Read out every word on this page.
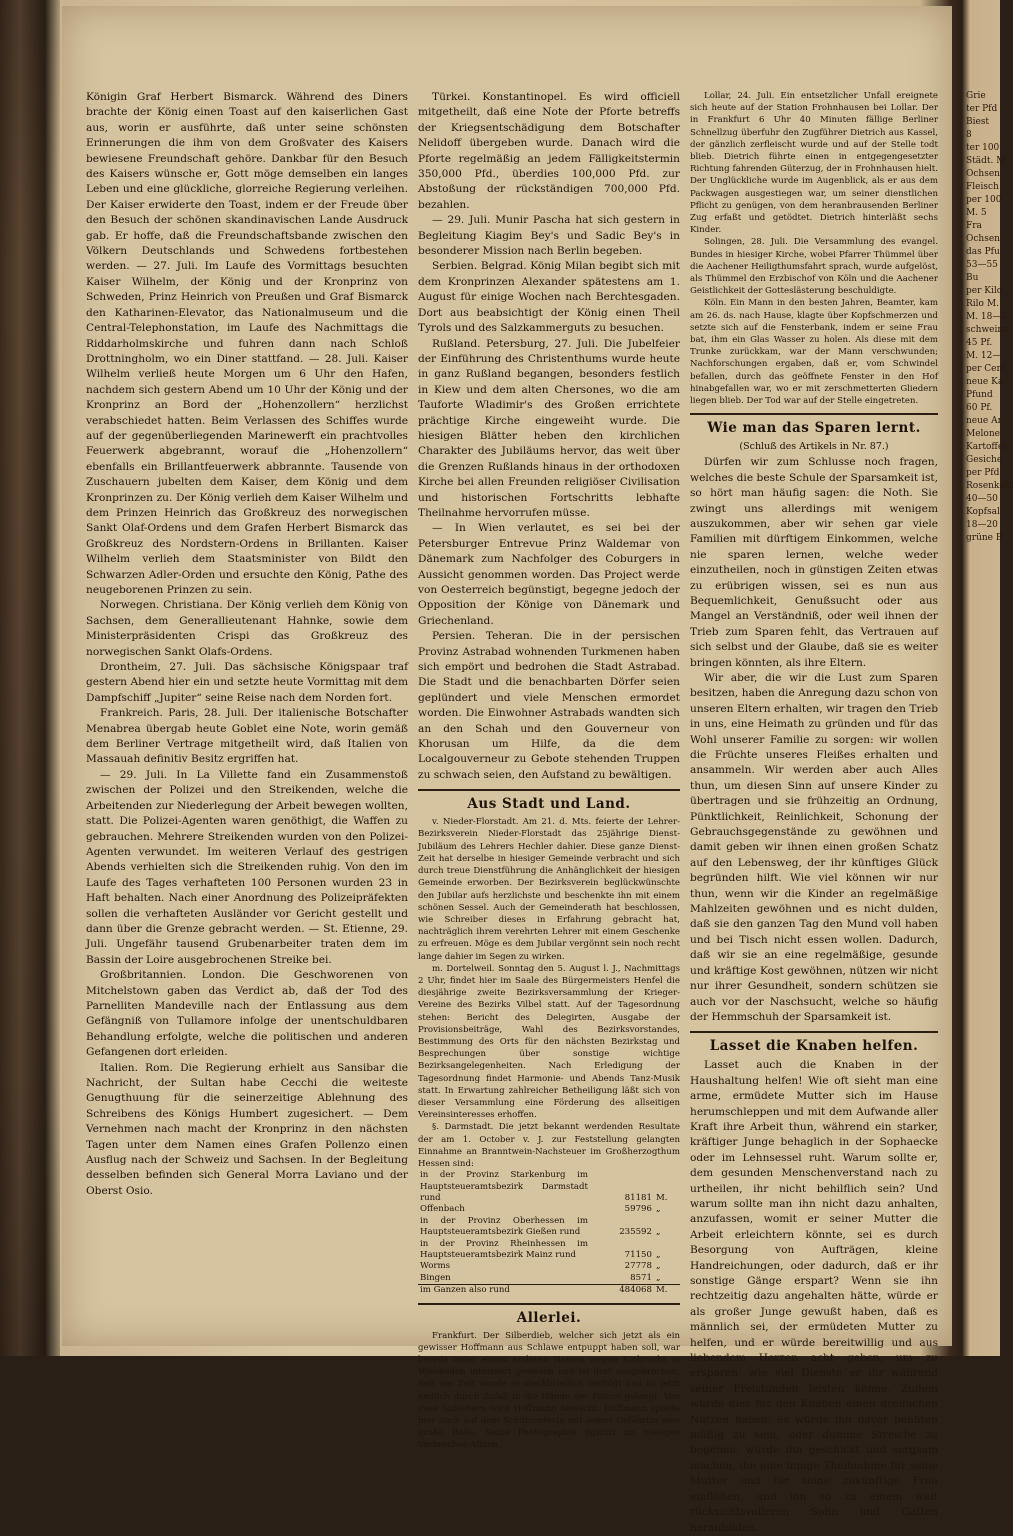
Königin Graf Herbert Bismarck. Während des Diners brachte der König einen Toast auf den kaiserlichen Gast aus, worin er ausführte, daß unter seine schönsten Erinnerungen die ihm von dem Großvater des Kaisers bewiesene Freundschaft gehöre. Dankbar für den Besuch des Kaisers wünsche er, Gott möge demselben ein langes Leben und eine glückliche, glorreiche Regierung verleihen. Der Kaiser erwiderte den Toast, indem er der Freude über den Besuch der schönen skandinavischen Lande Ausdruck gab. Er hoffe, daß die Freundschaftsbande zwischen den Völkern Deutschlands und Schwedens fortbestehen werden. — 27. Juli. Im Laufe des Vormittags besuchten Kaiser Wilhelm, der König und der Kronprinz von Schweden, Prinz Heinrich von Preußen und Graf Bismarck den Katharinen-Elevator, das Nationalmuseum und die Central-Telephonstation, im Laufe des Nachmittags die Riddarholmskirche und fuhren dann nach Schloß Drottningholm, wo ein Diner stattfand. — 28. Juli. Kaiser Wilhelm verließ heute Morgen um 6 Uhr den Hafen, nachdem sich gestern Abend um 10 Uhr der König und der Kronprinz an Bord der „Hohenzollern“ herzlichst verabschiedet hatten. Beim Verlassen des Schiffes wurde auf der gegenüberliegenden Marinewerft ein prachtvolles Feuerwerk abgebrannt, worauf die „Hohenzollern“ ebenfalls ein Brillantfeuerwerk abbrannte. Tausende von Zuschauern jubelten dem Kaiser, dem König und dem Kronprinzen zu. Der König verlieh dem Kaiser Wilhelm und dem Prinzen Heinrich das Großkreuz des norwegischen Sankt Olaf-Ordens und dem Grafen Herbert Bismarck das Großkreuz des Nordstern-Ordens in Brillanten. Kaiser Wilhelm verlieh dem Staatsminister von Bildt den Schwarzen Adler-Orden und ersuchte den König, Pathe des neugeborenen Prinzen zu sein.

Norwegen. Christiana. Der König verlieh dem König von Sachsen, dem Generallieutenant Hahnke, sowie dem Ministerpräsidenten Crispi das Großkreuz des norwegischen Sankt Olafs-Ordens.

Drontheim, 27. Juli. Das sächsische Königspaar traf gestern Abend hier ein und setzte heute Vormittag mit dem Dampfschiff „Jupiter“ seine Reise nach dem Norden fort.

Frankreich. Paris, 28. Juli. Der italienische Botschafter Menabrea übergab heute Goblet eine Note, worin gemäß dem Berliner Vertrage mitgetheilt wird, daß Italien von Massauah definitiv Besitz ergriffen hat.

— 29. Juli. In La Villette fand ein Zusammenstoß zwischen der Polizei und den Streikenden, welche die Arbeitenden zur Niederlegung der Arbeit bewegen wollten, statt. Die Polizei-Agenten waren genöthigt, die Waffen zu gebrauchen. Mehrere Streikenden wurden von den Polizei-Agenten verwundet. Im weiteren Verlauf des gestrigen Abends verhielten sich die Streikenden ruhig. Von den im Laufe des Tages verhafteten 100 Personen wurden 23 in Haft behalten. Nach einer Anordnung des Polizeipräfekten sollen die verhafteten Ausländer vor Gericht gestellt und dann über die Grenze gebracht werden. — St. Etienne, 29. Juli. Ungefähr tausend Grubenarbeiter traten dem im Bassin der Loire ausgebrochenen Streike bei.

Großbritannien. London. Die Geschworenen von Mitchelstown gaben das Verdict ab, daß der Tod des Parnelliten Mandeville nach der Entlassung aus dem Gefängniß von Tullamore infolge der unentschuldbaren Behandlung erfolgte, welche die politischen und anderen Gefangenen dort erleiden.

Italien. Rom. Die Regierung erhielt aus Sansibar die Nachricht, der Sultan habe Cecchi die weiteste Genugthuung für die seinerzeitige Ablehnung des Schreibens des Königs Humbert zugesichert. — Dem Vernehmen nach macht der Kronprinz in den nächsten Tagen unter dem Namen eines Grafen Pollenzo einen Ausflug nach der Schweiz und Sachsen. In der Begleitung desselben befinden sich General Morra Laviano und der Oberst Osio.

Türkei. Konstantinopel. Es wird officiell mitgetheilt, daß eine Note der Pforte betreffs der Kriegsentschädigung dem Botschafter Nelidoff übergeben wurde. Danach wird die Pforte regelmäßig an jedem Fälligkeitstermin 350,000 Pfd., überdies 100,000 Pfd. zur Abstoßung der rückständigen 700,000 Pfd. bezahlen.

— 29. Juli. Munir Pascha hat sich gestern in Begleitung Kiagim Bey's und Sadic Bey's in besonderer Mission nach Berlin begeben.

Serbien. Belgrad. König Milan begibt sich mit dem Kronprinzen Alexander spätestens am 1. August für einige Wochen nach Berchtesgaden. Dort aus beabsichtigt der König einen Theil Tyrols und des Salzkammerguts zu besuchen.

Rußland. Petersburg, 27. Juli. Die Jubelfeier der Einführung des Christenthums wurde heute in ganz Rußland begangen, besonders festlich in Kiew und dem alten Chersones, wo die am Tauforte Wladimir's des Großen errichtete prächtige Kirche eingeweiht wurde. Die hiesigen Blätter heben den kirchlichen Charakter des Jubiläums hervor, das weit über die Grenzen Rußlands hinaus in der orthodoxen Kirche bei allen Freunden religiöser Civilisation und historischen Fortschritts lebhafte Theilnahme hervorrufen müsse.

— In Wien verlautet, es sei bei der Petersburger Entrevue Prinz Waldemar von Dänemark zum Nachfolger des Coburgers in Aussicht genommen worden. Das Project werde von Oesterreich begünstigt, begegne jedoch der Opposition der Könige von Dänemark und Griechenland.

Persien. Teheran. Die in der persischen Provinz Astrabad wohnenden Turkmenen haben sich empört und bedrohen die Stadt Astrabad. Die Stadt und die benachbarten Dörfer seien geplündert und viele Menschen ermordet worden. Die Einwohner Astrabads wandten sich an den Schah und den Gouverneur von Khorusan um Hilfe, da die dem Localgouverneur zu Gebote stehenden Truppen zu schwach seien, den Aufstand zu bewältigen.

Aus Stadt und Land.

v. Nieder-Florstadt. Am 21. d. Mts. feierte der Lehrer-Bezirksverein Nieder-Florstadt das 25jährige Dienst-Jubiläum des Lehrers Hechler dahier. Diese ganze Dienst-Zeit hat derselbe in hiesiger Gemeinde verbracht und sich durch treue Dienstführung die Anhänglichkeit der hiesigen Gemeinde erworben. Der Bezirksverein beglückwünschte den Jubilar aufs herzlichste und beschenkte ihn mit einem schönen Sessel. Auch der Gemeinderath hat beschlossen, wie Schreiber dieses in Erfahrung gebracht hat, nachträglich ihrem verehrten Lehrer mit einem Geschenke zu erfreuen. Möge es dem Jubilar vergönnt sein noch recht lange dahier im Segen zu wirken.

m. Dortelweil. Sonntag den 5. August l. J., Nachmittags 2 Uhr, findet hier im Saale des Bürgermeisters Henfel die diesjährige zweite Bezirksversammlung der Krieger-Vereine des Bezirks Vilbel statt. Auf der Tagesordnung stehen: Bericht des Delegirten, Ausgabe der Provisionsbeiträge, Wahl des Bezirksvorstandes, Bestimmung des Orts für den nächsten Bezirkstag und Besprechungen über sonstige wichtige Bezirksangelegenheiten. Nach Erledigung der Tagesordnung findet Harmonie- und Abends Tanz-Musik statt. In Erwartung zahlreicher Betheiligung läßt sich von dieser Versammlung eine Förderung des allseitigen Vereinsinteresses erhoffen.

§. Darmstadt. Die jetzt bekannt werdenden Resultate der am 1. October v. J. zur Feststellung gelangten Einnahme an Branntwein-Nachsteuer im Großherzogthum Hessen sind:

in der Provinz Starkenburg im Hauptsteueramtsbezirk Darmstadt rund	81181	M.
Offenbach	59796	„
in der Provinz Oberhessen im Hauptsteueramtsbezirk Gießen rund	235592	„
in der Provinz Rheinhessen im Hauptsteueramtsbezirk Mainz rund	71150	„
Worms	27778	„
Bingen	8571	„
im Ganzen also rund	484068	M.
Allerlei.

Frankfurt. Der Silberdieb, welcher sich jetzt als ein gewisser Hoffmann aus Schlawe entpuppt haben soll, war bereits unter einem anderen Namen wegen Einbruchs in Wiesbaden interniert gewesen und ist dort ausgebrochen. Seit der Zeit wurde er steckbrieflich verfolgt und ist jetzt endlich durch Zufall in die Hände der Polizei gelangt. Von zwei Aufsehern wird Hoffmann bewacht. Hoffmann spielte hier auch auf dem Schützenfeste mit seiner Gefährtin eine große Rolle. Seine Photographie figurirt im hiesigen Verbrecher-Album.

Lollar, 24. Juli. Ein entsetzlicher Unfall ereignete sich heute auf der Station Frohnhausen bei Lollar. Der in Frankfurt 6 Uhr 40 Minuten fällige Berliner Schnellzug überfuhr den Zugführer Dietrich aus Kassel, der gänzlich zerfleischt wurde und auf der Stelle todt blieb. Dietrich führte einen in entgegengesetzter Richtung fahrenden Güterzug, der in Frohnhausen hielt. Der Unglückliche wurde im Augenblick, als er aus dem Packwagen ausgestiegen war, um seiner dienstlichen Pflicht zu genügen, von dem heranbrausenden Berliner Zug erfaßt und getödtet. Dietrich hinterläßt sechs Kinder.

Solingen, 28. Juli. Die Versammlung des evangel. Bundes in hiesiger Kirche, wobei Pfarrer Thümmel über die Aachener Heiligthumsfahrt sprach, wurde aufgelöst, als Thümmel den Erzbischof von Köln und die Aachener Geistlichkeit der Gotteslästerung beschuldigte.

Köln. Ein Mann in den besten Jahren, Beamter, kam am 26. ds. nach Hause, klagte über Kopfschmerzen und setzte sich auf die Fensterbank, indem er seine Frau bat, ihm ein Glas Wasser zu holen. Als diese mit dem Trunke zurückkam, war der Mann verschwunden; Nachforschungen ergaben, daß er, vom Schwindel befallen, durch das geöffnete Fenster in den Hof hinabgefallen war, wo er mit zerschmetterten Gliedern liegen blieb. Der Tod war auf der Stelle eingetreten.

Wie man das Sparen lernt.
(Schluß des Artikels in Nr. 87.)

Dürfen wir zum Schlusse noch fragen, welches die beste Schule der Sparsamkeit ist, so hört man häufig sagen: die Noth. Sie zwingt uns allerdings mit wenigem auszukommen, aber wir sehen gar viele Familien mit dürftigem Einkommen, welche nie sparen lernen, welche weder einzutheilen, noch in günstigen Zeiten etwas zu erübrigen wissen, sei es nun aus Bequemlichkeit, Genußsucht oder aus Mangel an Verständniß, oder weil ihnen der Trieb zum Sparen fehlt, das Vertrauen auf sich selbst und der Glaube, daß sie es weiter bringen könnten, als ihre Eltern.

Wir aber, die wir die Lust zum Sparen besitzen, haben die Anregung dazu schon von unseren Eltern erhalten, wir tragen den Trieb in uns, eine Heimath zu gründen und für das Wohl unserer Familie zu sorgen: wir wollen die Früchte unseres Fleißes erhalten und ansammeln. Wir werden aber auch Alles thun, um diesen Sinn auf unsere Kinder zu übertragen und sie frühzeitig an Ordnung, Pünktlichkeit, Reinlichkeit, Schonung der Gebrauchsgegenstände zu gewöhnen und damit geben wir ihnen einen großen Schatz auf den Lebensweg, der ihr künftiges Glück begründen hilft. Wie viel können wir nur thun, wenn wir die Kinder an regelmäßige Mahlzeiten gewöhnen und es nicht dulden, daß sie den ganzen Tag den Mund voll haben und bei Tisch nicht essen wollen. Dadurch, daß wir sie an eine regelmäßige, gesunde und kräftige Kost gewöhnen, nützen wir nicht nur ihrer Gesundheit, sondern schützen sie auch vor der Naschsucht, welche so häufig der Hemmschuh der Sparsamkeit ist.

Lasset die Knaben helfen.

Lasset auch die Knaben in der Haushaltung helfen! Wie oft sieht man eine arme, ermüdete Mutter sich im Hause herumschleppen und mit dem Aufwande aller Kraft ihre Arbeit thun, während ein starker, kräftiger Junge behaglich in der Sophaecke oder im Lehnsessel ruht. Warum sollte er, dem gesunden Menschenverstand nach zu urtheilen, ihr nicht behilflich sein? Und warum sollte man ihn nicht dazu anhalten, anzufassen, womit er seiner Mutter die Arbeit erleichtern könnte, sei es durch Besorgung von Aufträgen, kleine Handreichungen, oder dadurch, daß er ihr sonstige Gänge erspart? Wenn sie ihn rechtzeitig dazu angehalten hätte, würde er als großer Junge gewußt haben, daß es männlich sei, der ermüdeten Mutter zu helfen, und er würde bereitwillig und aus liebendem Herzen acht geben, um zu ersparen, wie viel Dienste er ihr während seiner Freistunden leisten könne. Zudem würde dies für den Knaben einen dreifachen Nutzen haben: es würde ihn davor behüten müßig zu sein, oder dumme Streiche zu begehen, würde ihn geschickt und sorgsam machen, ihn eine innige Theilnahme für seine Mutter und für seine zukünftige Frau einflößen, und ihn so zu einem weit rücksichtsvolleren Sohn und Gatten heranbilden.

Grie
ter Pfd
Biest
8
ter 100
Städt. M
Ochsen
Fleisch
per 100
M. 5
Fra
Ochsen
das Pfu
53—55
Bu
per Kilo
Rilo M.
M. 18—2
schweine
45 Pf.
M. 12—
per Cent
neue Ka
Pfund
60 Pf.
neue Ar
Melone
Kartoffel
Gesiche
per Pfd
Rosenkohl
40—50
Kopfsal
18—20
grüne B
